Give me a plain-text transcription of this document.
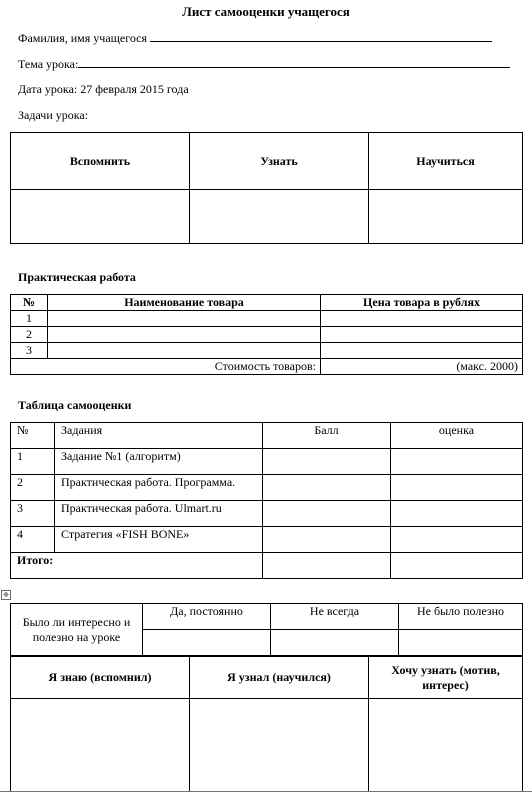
Лист самооценки учащегося
Фамилия, имя учащегося
Тема урока:
Дата урока: 27 февраля 2015 года
Задачи урока:
Вспомнить	Узнать	Научиться

Практическая работа
№	Наименование товара	Цена товара в рублях
1		
2		
3		
Стоимость товаров:		(макс. 2000)
Таблица самооценки
№	Задания	Балл	оценка
1	Задание №1 (алгоритм)		
2	Практическая работа. Программа.		
3	Практическая работа. Ulmart.ru		
4	Стратегия «FISH BONE»		
Итого:			
✥
Было ли интересно и полезно на уроке	Да, постоянно	Не всегда	Не было полезно

Я знаю (вспомнил)	Я узнал (научился)	Хочу узнать (мотив, интерес)
